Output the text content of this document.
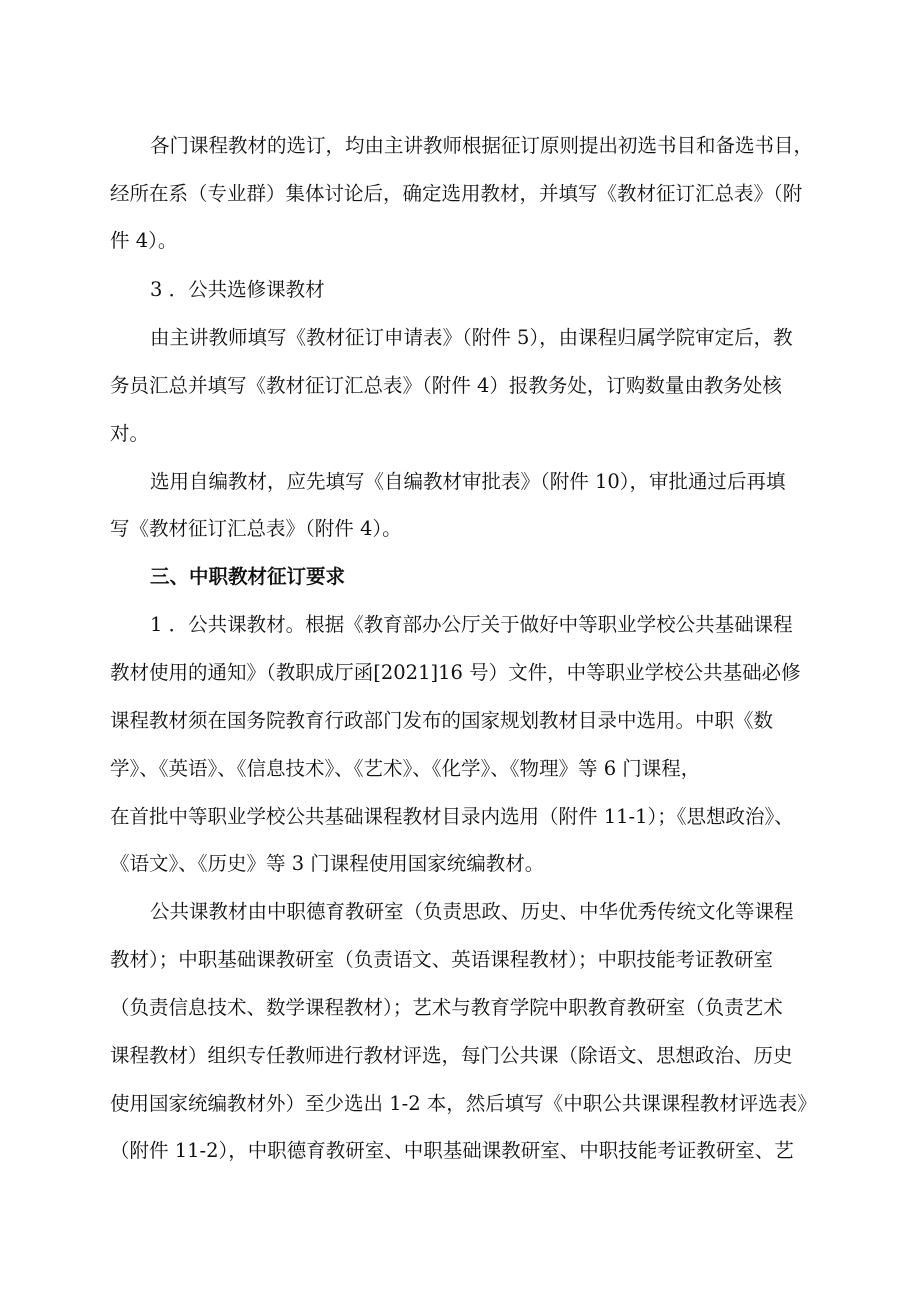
各门课程教材的选订，均由主讲教师根据征订原则提出初选书目和备选书目，
经所在系（专业群）集体讨论后，确定选用教材，并填写《教材征订汇总表》（附
件 4）。
3 ．公共选修课教材
由主讲教师填写《教材征订申请表》（附件 5），由课程归属学院审定后，教
务员汇总并填写《教材征订汇总表》（附件 4）报教务处，订购数量由教务处核
对。
选用自编教材，应先填写《自编教材审批表》（附件 10），审批通过后再填
写《教材征订汇总表》（附件 4）。
三、中职教材征订要求
1 ．公共课教材。根据《教育部办公厅关于做好中等职业学校公共基础课程
教材使用的通知》（教职成厅函[2021]16 号）文件，中等职业学校公共基础必修
课程教材须在国务院教育行政部门发布的国家规划教材目录中选用。中职《数
学》、《英语》、《信息技术》、《艺术》、《化学》、《物理》等 6 门课程，
在首批中等职业学校公共基础课程教材目录内选用（附件 11-1）；《思想政治》、
《语文》、《历史》等 3 门课程使用国家统编教材。
公共课教材由中职德育教研室（负责思政、历史、中华优秀传统文化等课程
教材）；中职基础课教研室（负责语文、英语课程教材）；中职技能考证教研室
（负责信息技术、数学课程教材）；艺术与教育学院中职教育教研室（负责艺术
课程教材）组织专任教师进行教材评选，每门公共课（除语文、思想政治、历史
使用国家统编教材外）至少选出 1-2 本，然后填写《中职公共课课程教材评选表》
（附件 11-2），中职德育教研室、中职基础课教研室、中职技能考证教研室、艺
